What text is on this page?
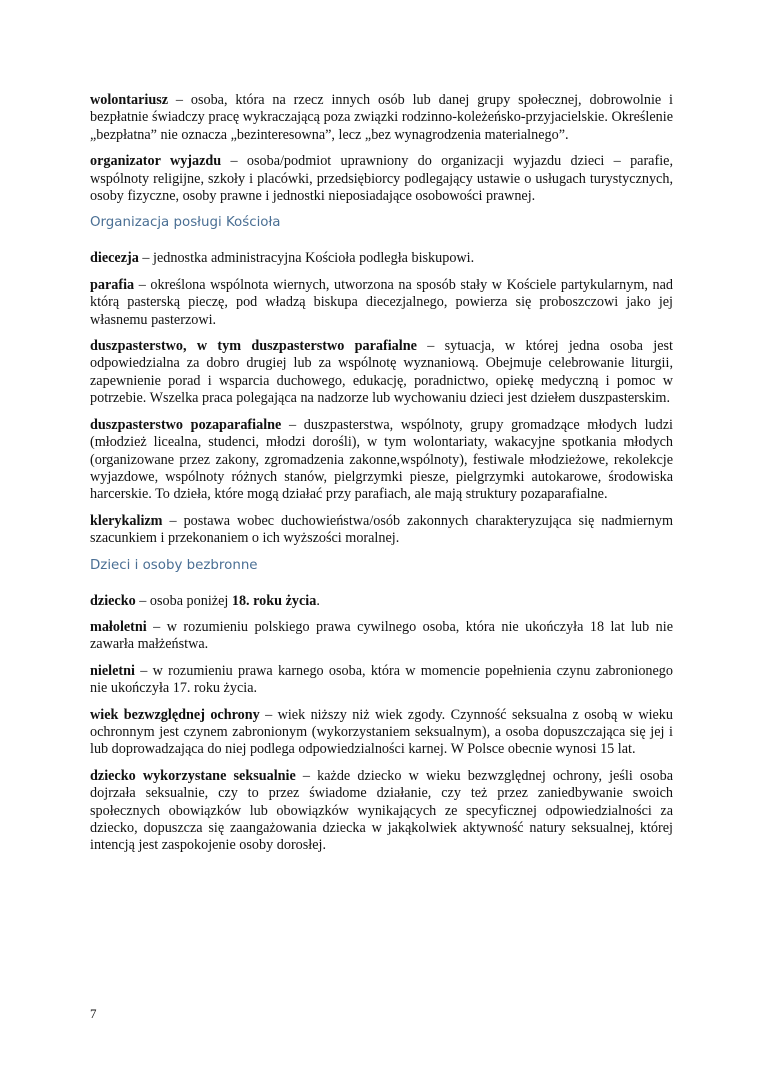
wolontariusz – osoba, która na rzecz innych osób lub danej grupy społecznej, dobrowolnie i bezpłatnie świadczy pracę wykraczającą poza związki rodzinno-koleżeńsko-przyjacielskie. Określenie „bezpłatna” nie oznacza „bezinteresowna”, lecz „bez wynagrodzenia materialnego”.

organizator wyjazdu – osoba/podmiot uprawniony do organizacji wyjazdu dzieci – parafie, wspólnoty religijne, szkoły i placówki, przedsiębiorcy podlegający ustawie o usługach turystycznych, osoby fizyczne, osoby prawne i jednostki nieposiadające osobowości prawnej.

Organizacja posługi Kościoła

diecezja – jednostka administracyjna Kościoła podległa biskupowi.

parafia – określona wspólnota wiernych, utworzona na sposób stały w Kościele partykularnym, nad którą pasterską pieczę, pod władzą biskupa diecezjalnego, powierza się proboszczowi jako jej własnemu pasterzowi.

duszpasterstwo, w tym duszpasterstwo parafialne – sytuacja, w której jedna osoba jest odpowiedzialna za dobro drugiej lub za wspólnotę wyznaniową. Obejmuje celebrowanie liturgii, zapewnienie porad i wsparcia duchowego, edukację, poradnictwo, opiekę medyczną i pomoc w potrzebie. Wszelka praca polegająca na nadzorze lub wychowaniu dzieci jest dziełem duszpasterskim.

duszpasterstwo pozaparafialne – duszpasterstwa, wspólnoty, grupy gromadzące młodych ludzi (młodzież licealna, studenci, młodzi dorośli), w tym wolontariaty, wakacyjne spotkania młodych (organizowane przez zakony, zgromadzenia zakonne,wspólnoty), festiwale młodzieżowe, rekolekcje wyjazdowe, wspólnoty różnych stanów, pielgrzymki piesze, pielgrzymki autokarowe, środowiska harcerskie. To dzieła, które mogą działać przy parafiach, ale mają struktury pozaparafialne.

klerykalizm – postawa wobec duchowieństwa/osób zakonnych charakteryzująca się nadmiernym szacunkiem i przekonaniem o ich wyższości moralnej.

Dzieci i osoby bezbronne

dziecko – osoba poniżej 18. roku życia.

małoletni – w rozumieniu polskiego prawa cywilnego osoba, która nie ukończyła 18 lat lub nie zawarła małżeństwa.

nieletni – w rozumieniu prawa karnego osoba, która w momencie popełnienia czynu zabronionego nie ukończyła 17. roku życia.

wiek bezwzględnej ochrony – wiek niższy niż wiek zgody. Czynność seksualna z osobą w wieku ochronnym jest czynem zabronionym (wykorzystaniem seksualnym), a osoba dopuszczająca się jej i lub doprowadzająca do niej podlega odpowiedzialności karnej. W Polsce obecnie wynosi 15 lat.

dziecko wykorzystane seksualnie – każde dziecko w wieku bezwzględnej ochrony, jeśli osoba dojrzała seksualnie, czy to przez świadome działanie, czy też przez zaniedbywanie swoich społecznych obowiązków lub obowiązków wynikających ze specyficznej odpowiedzialności za dziecko, dopuszcza się zaangażowania dziecka w jakąkolwiek aktywność natury seksualnej, której intencją jest zaspokojenie osoby dorosłej.

7
